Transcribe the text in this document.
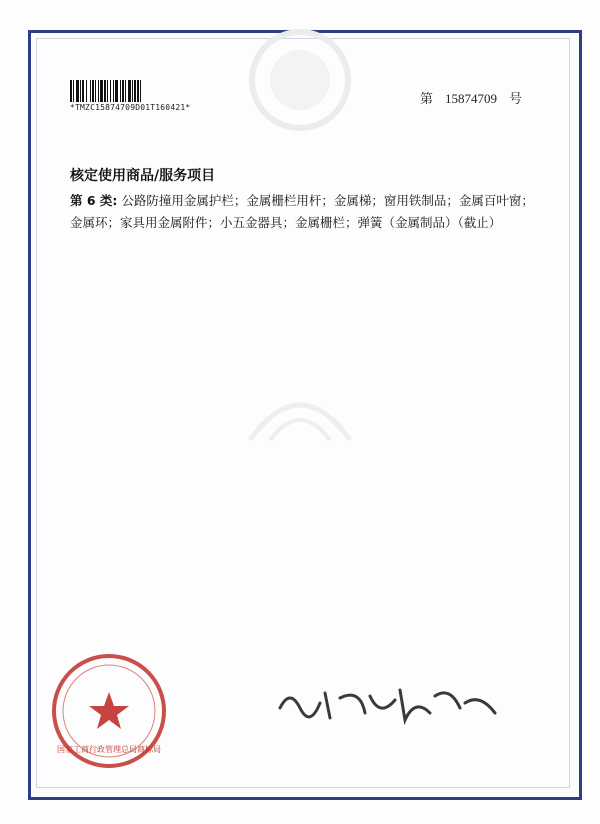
*TMZC15874709D01T160421*
第 15874709 号
核定使用商品/服务项目
第 6 类: 公路防撞用金属护栏；金属栅栏用杆；金属梯；窗用铁制品；金属百叶窗；金属环；家具用金属附件；小五金器具；金属栅栏；弹簧（金属制品）（截止）
国家工商行政管理总局商标局
